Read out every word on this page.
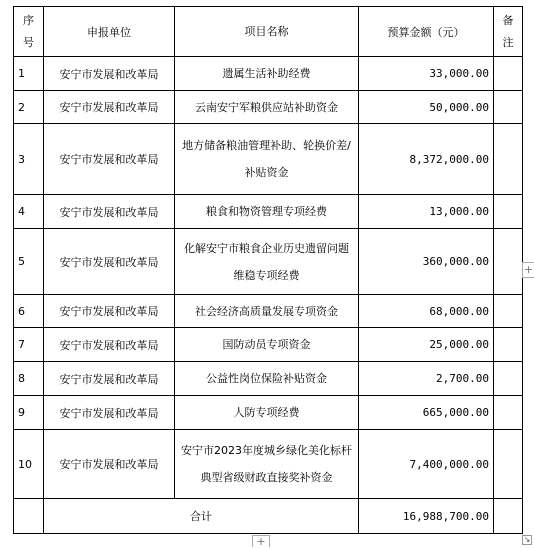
序号	申报单位	项目名称	预算金额（元）	备注
1	安宁市发展和改革局	遗属生活补助经费	33,000.00	
2	安宁市发展和改革局	云南安宁军粮供应站补助资金	50,000.00	
3	安宁市发展和改革局	地方储备粮油管理补助、轮换价差/补贴资金	8,372,000.00	
4	安宁市发展和改革局	粮食和物资管理专项经费	13,000.00	
5	安宁市发展和改革局	化解安宁市粮食企业历史遗留问题维稳专项经费	360,000.00	
6	安宁市发展和改革局	社会经济高质量发展专项资金	68,000.00	
7	安宁市发展和改革局	国防动员专项资金	25,000.00	
8	安宁市发展和改革局	公益性岗位保险补贴资金	2,700.00	
9	安宁市发展和改革局	人防专项经费	665,000.00	
10	安宁市发展和改革局	安宁市2023年度城乡绿化美化标杆典型省级财政直接奖补资金	7,400,000.00	
	合计		16,988,700.00	
+
+	↘
